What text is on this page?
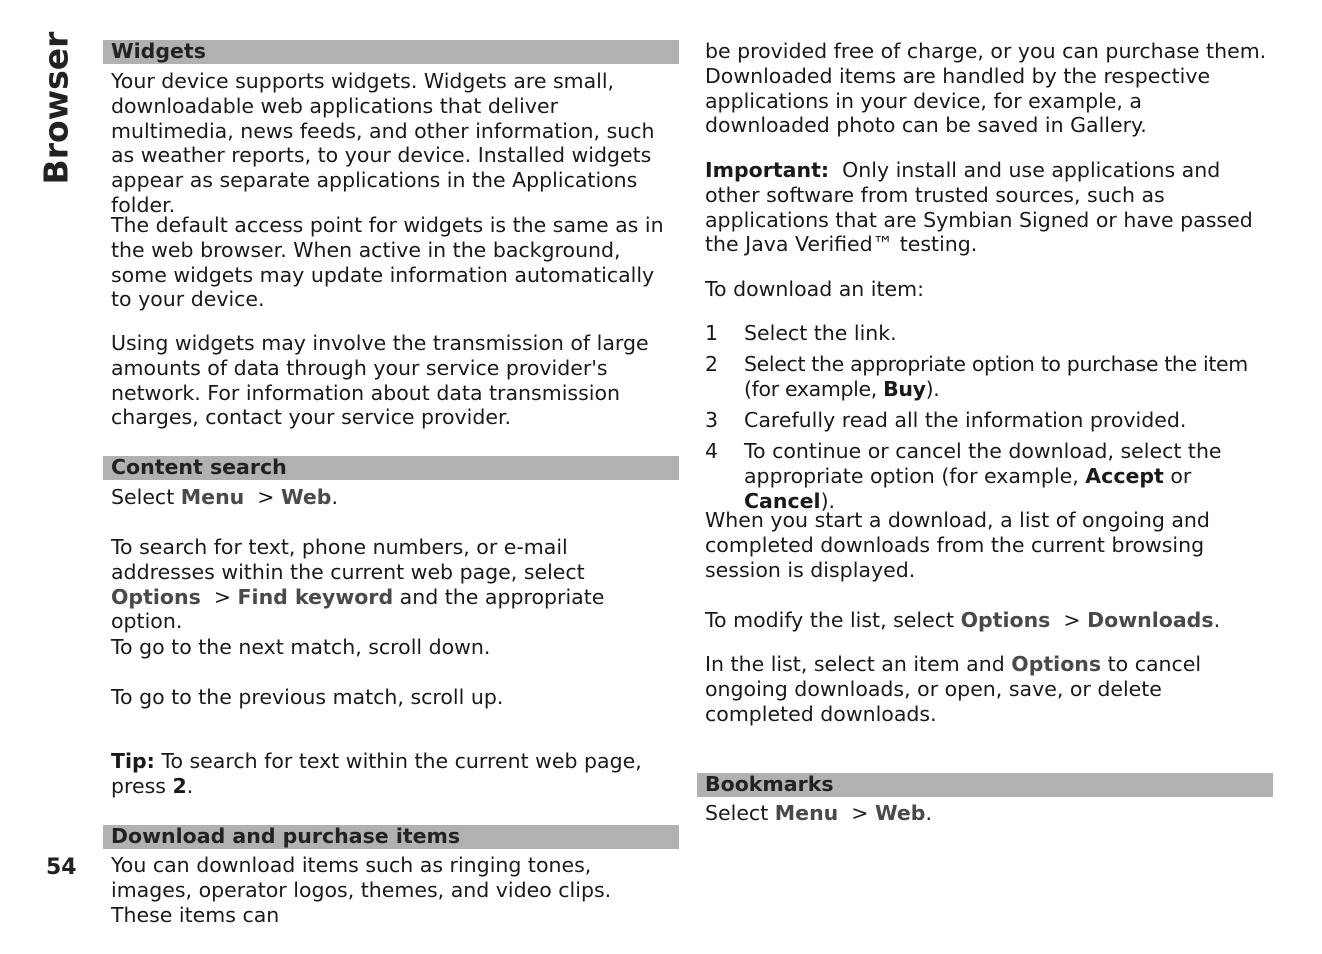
Browser
54
Widgets

Your device supports widgets. Widgets are small, downloadable web applications that deliver multimedia, news feeds, and other information, such as weather reports, to your device. Installed widgets appear as separate applications in the Applications folder.

The default access point for widgets is the same as in the web browser. When active in the background, some widgets may update information automatically to your device.

Using widgets may involve the transmission of large amounts of data through your service provider's network. For information about data transmission charges, contact your service provider.

Content search

Select Menu  > Web.

To search for text, phone numbers, or e-mail addresses within the current web page, select Options  > Find keyword and the appropriate option.

To go to the next match, scroll down.

To go to the previous match, scroll up.

Tip: To search for text within the current web page, press 2.

Download and purchase items

You can download items such as ringing tones, images, operator logos, themes, and video clips. These items can

be provided free of charge, or you can purchase them. Downloaded items are handled by the respective applications in your device, for example, a downloaded photo can be saved in Gallery.

Important:  Only install and use applications and other software from trusted sources, such as applications that are Symbian Signed or have passed the Java Verified™ testing.

To download an item:

1 Select the link.

2 Select the appropriate option to purchase the item (for example, Buy).

3 Carefully read all the information provided.

4 To continue or cancel the download, select the appropriate option (for example, Accept or Cancel).

When you start a download, a list of ongoing and completed downloads from the current browsing session is displayed.

To modify the list, select Options  > Downloads.

In the list, select an item and Options to cancel ongoing downloads, or open, save, or delete completed downloads.

Bookmarks

Select Menu  > Web.
